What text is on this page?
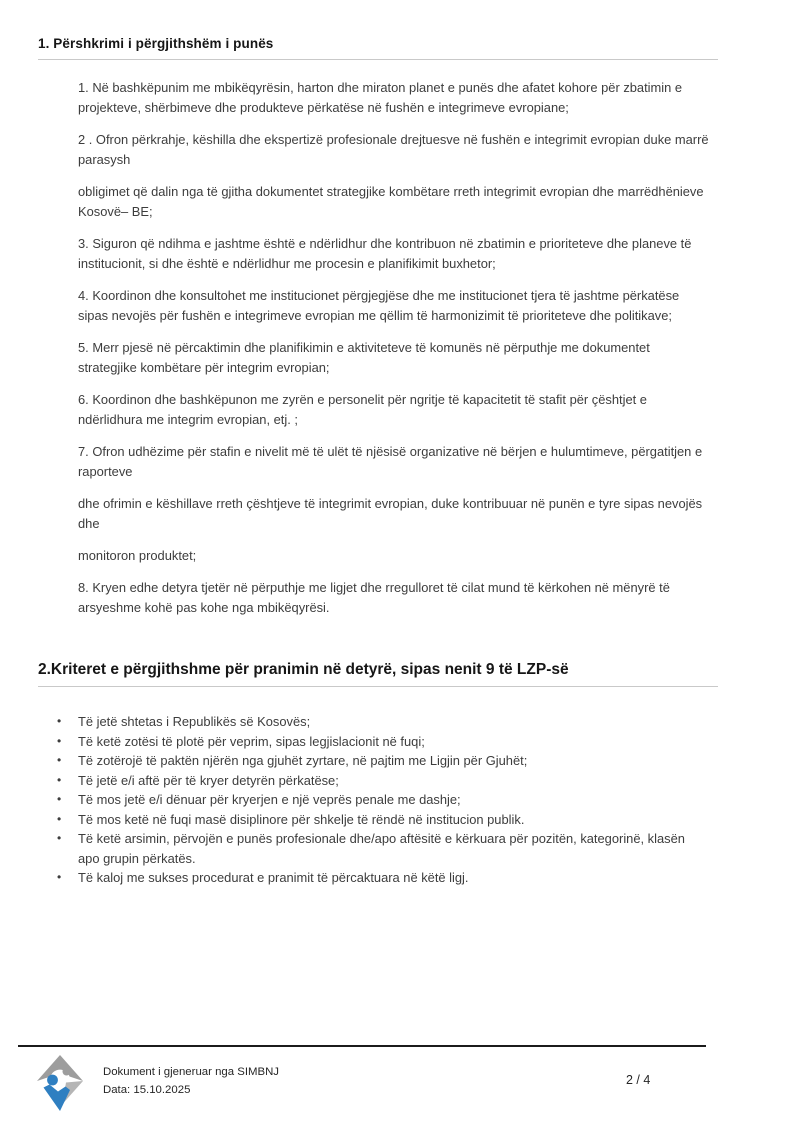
1. Përshkrimi i përgjithshëm i punës

1. Në bashkëpunim me mbikëqyrësin, harton dhe miraton planet e punës dhe afatet kohore për zbatimin e projekteve, shërbimeve dhe produkteve përkatëse në fushën e integrimeve evropiane;

2 . Ofron përkrahje, këshilla dhe ekspertizë profesionale drejtuesve në fushën e integrimit evropian duke marrë parasysh

obligimet që dalin nga të gjitha dokumentet strategjike kombëtare rreth integrimit evropian dhe marrëdhënieve Kosovë– BE;

3. Siguron që ndihma e jashtme është e ndërlidhur dhe kontribuon në zbatimin e prioriteteve dhe planeve të institucionit, si dhe është e ndërlidhur me procesin e planifikimit buxhetor;

4. Koordinon dhe konsultohet me institucionet përgjegjëse dhe me institucionet tjera të jashtme përkatëse sipas nevojës për fushën e integrimeve evropian me qëllim të harmonizimit të prioriteteve dhe politikave;

5. Merr pjesë në përcaktimin dhe planifikimin e aktiviteteve të komunës në përputhje me dokumentet strategjike kombëtare për integrim evropian;

6. Koordinon dhe bashkëpunon me zyrën e personelit për ngritje të kapacitetit të stafit për çështjet e ndërlidhura me integrim evropian, etj. ;

7. Ofron udhëzime për stafin e nivelit më të ulët të njësisë organizative në bërjen e hulumtimeve, përgatitjen e raporteve

dhe ofrimin e këshillave rreth çështjeve të integrimit evropian, duke kontribuuar në punën e tyre sipas nevojës dhe

monitoron produktet;

8. Kryen edhe detyra tjetër në përputhje me ligjet dhe rregulloret të cilat mund të kërkohen në mënyrë të arsyeshme kohë pas kohe nga mbikëqyrësi.

2.Kriteret e përgjithshme për pranimin në detyrë, sipas nenit 9 të LZP-së
• Të jetë shtetas i Republikës së Kosovës;
• Të ketë zotësi të plotë për veprim, sipas legjislacionit në fuqi;
• Të zotërojë të paktën njërën nga gjuhët zyrtare, në pajtim me Ligjin për Gjuhët;
• Të jetë e/i aftë për të kryer detyrën përkatëse;
• Të mos jetë e/i dënuar për kryerjen e një veprës penale me dashje;
• Të mos ketë në fuqi masë disiplinore për shkelje të rëndë në institucion publik.
• Të ketë arsimin, përvojën e punës profesionale dhe/apo aftësitë e kërkuara për pozitën, kategorinë, klasën apo grupin përkatës.
• Të kaloj me sukses procedurat e pranimit të përcaktuara në këtë ligj.
Dokument i gjeneruar nga SIMBNJ
Data: 15.10.2025
2 / 4
